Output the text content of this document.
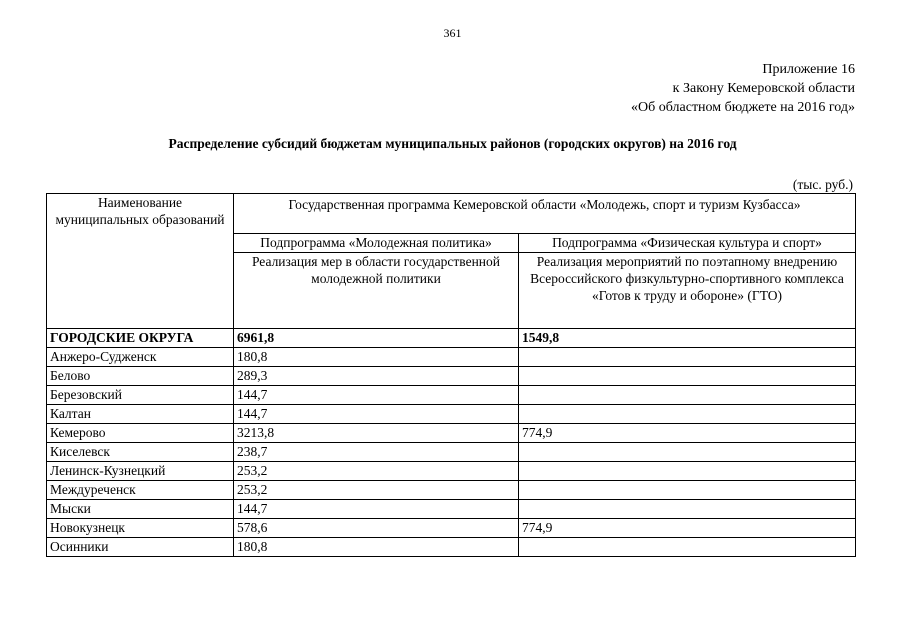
361
Приложение 16
к Закону Кемеровской области
«Об областном бюджете на 2016 год»
Распределение субсидий бюджетам муниципальных районов (городских округов) на 2016 год
(тыс. руб.)
Наименование муниципальных образований	Государственная программа Кемеровской области «Молодежь, спорт и туризм Кузбасса»	
	Подпрограмма «Молодежная политика»	Подпрограмма «Физическая культура и спорт»
	Реализация мер в области государственной молодежной политики	Реализация мероприятий по поэтапному внедрению Всероссийского физкультурно-спортивного комплекса «Готов к труду и обороне» (ГТО)
ГОРОДСКИЕ ОКРУГА	6961,8	1549,8
Анжеро-Судженск	180,8	
Белово	289,3	
Березовский	144,7	
Калтан	144,7	
Кемерово	3213,8	774,9
Киселевск	238,7	
Ленинск-Кузнецкий	253,2	
Междуреченск	253,2	
Мыски	144,7	
Новокузнецк	578,6	774,9
Осинники	180,8	
